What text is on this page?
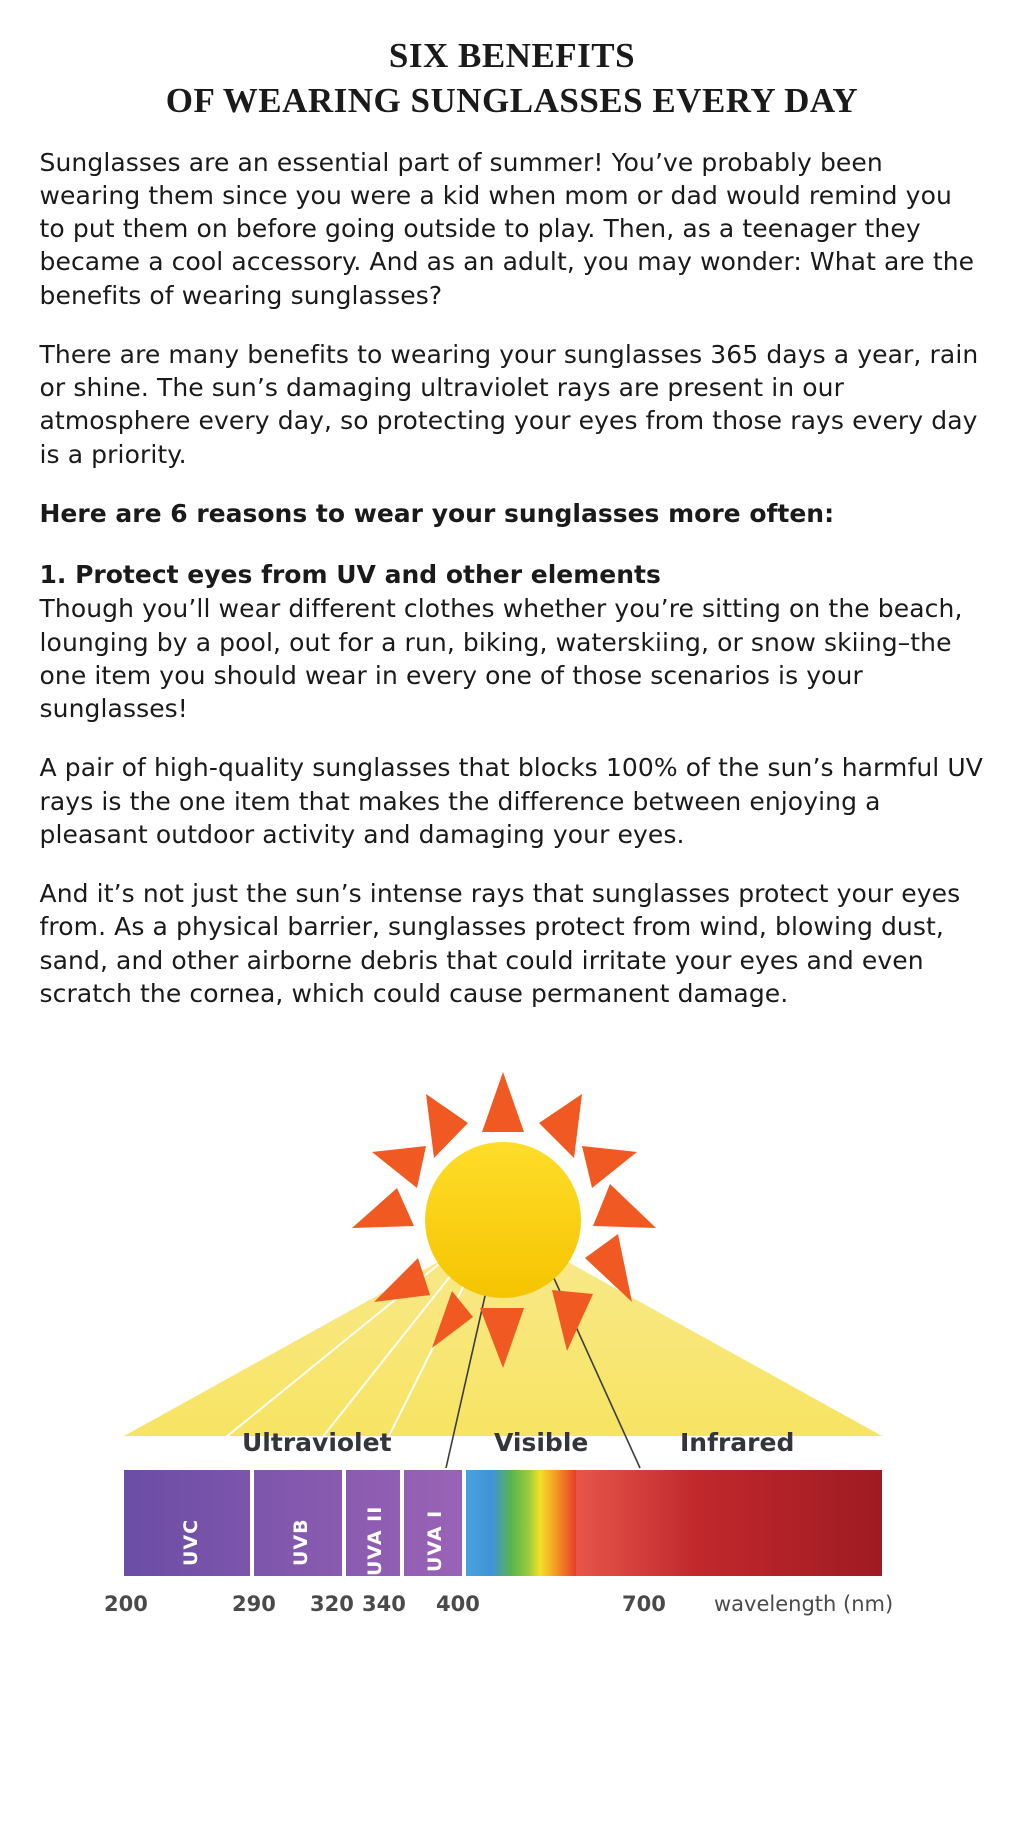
SIX BENEFITS
OF WEARING SUNGLASSES EVERY DAY

Sunglasses are an essential part of summer! You’ve probably been wearing them since you were a kid when mom or dad would remind you to put them on before going outside to play. Then, as a teenager they became a cool accessory. And as an adult, you may wonder: What are the benefits of wearing sunglasses?

There are many benefits to wearing your sunglasses 365 days a year, rain or shine. The sun’s damaging ultraviolet rays are present in our atmosphere every day, so protecting your eyes from those rays every day is a priority.

Here are 6 reasons to wear your sunglasses more often:

1. Protect eyes from UV and other elements

Though you’ll wear different clothes whether you’re sitting on the beach, lounging by a pool, out for a run, biking, waterskiing, or snow skiing–the one item you should wear in every one of those scenarios is your sunglasses!

A pair of high-quality sunglasses that blocks 100% of the sun’s harmful UV rays is the one item that makes the difference between enjoying a pleasant outdoor activity and damaging your eyes.

And it’s not just the sun’s intense rays that sunglasses protect your eyes from. As a physical barrier, sunglasses protect from wind, blowing dust, sand, and other airborne debris that could irritate your eyes and even scratch the cornea, which could cause permanent damage.

Ultraviolet	Visible	Infrared
UVC	UVB	UVA II UVA I
200	290 320 340 400	700 wavelength (nm)
